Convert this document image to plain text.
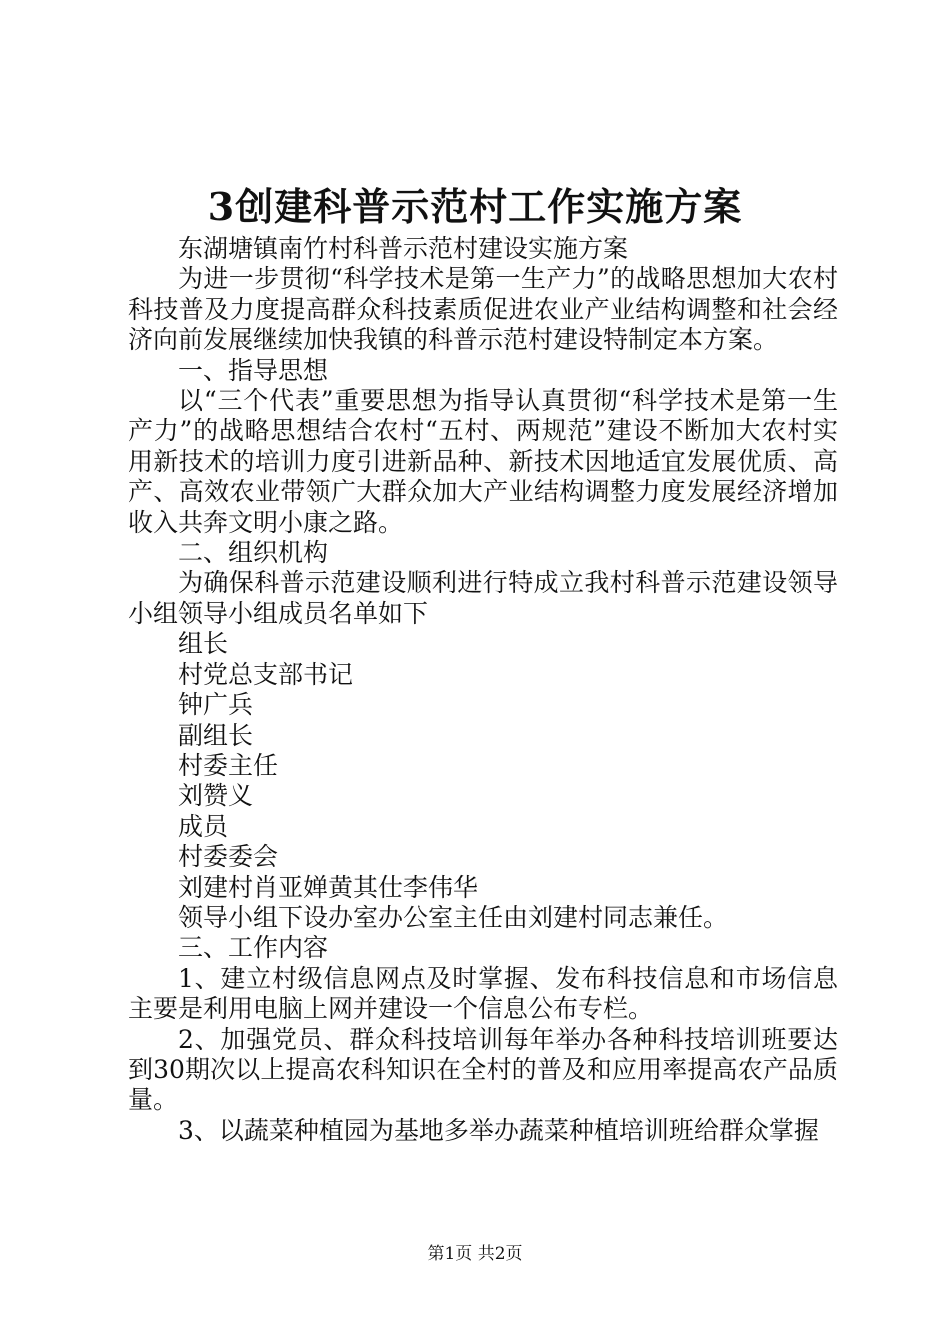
3创建科普示范村工作实施方案

东湖塘镇南竹村科普示范村建设实施方案

为进一步贯彻“科学技术是第一生产力”的战略思想加大农村科技普及力度提高群众科技素质促进农业产业结构调整和社会经济向前发展继续加快我镇的科普示范村建设特制定本方案。

一、指导思想

以“三个代表”重要思想为指导认真贯彻“科学技术是第一生产力”的战略思想结合农村“五村、两规范”建设不断加大农村实用新技术的培训力度引进新品种、新技术因地适宜发展优质、高产、高效农业带领广大群众加大产业结构调整力度发展经济增加收入共奔文明小康之路。

二、组织机构

为确保科普示范建设顺利进行特成立我村科普示范建设领导小组领导小组成员名单如下

组长

村党总支部书记

钟广兵

副组长

村委主任

刘赞义

成员

村委委会

刘建村肖亚婵黄其仕李伟华

领导小组下设办室办公室主任由刘建村同志兼任。

三、工作内容

1、建立村级信息网点及时掌握、发布科技信息和市场信息主要是利用电脑上网并建设一个信息公布专栏。

2、加强党员、群众科技培训每年举办各种科技培训班要达到30期次以上提高农科知识在全村的普及和应用率提高农产品质量。

3、以蔬菜种植园为基地多举办蔬菜种植培训班给群众掌握

第1页 共2页
